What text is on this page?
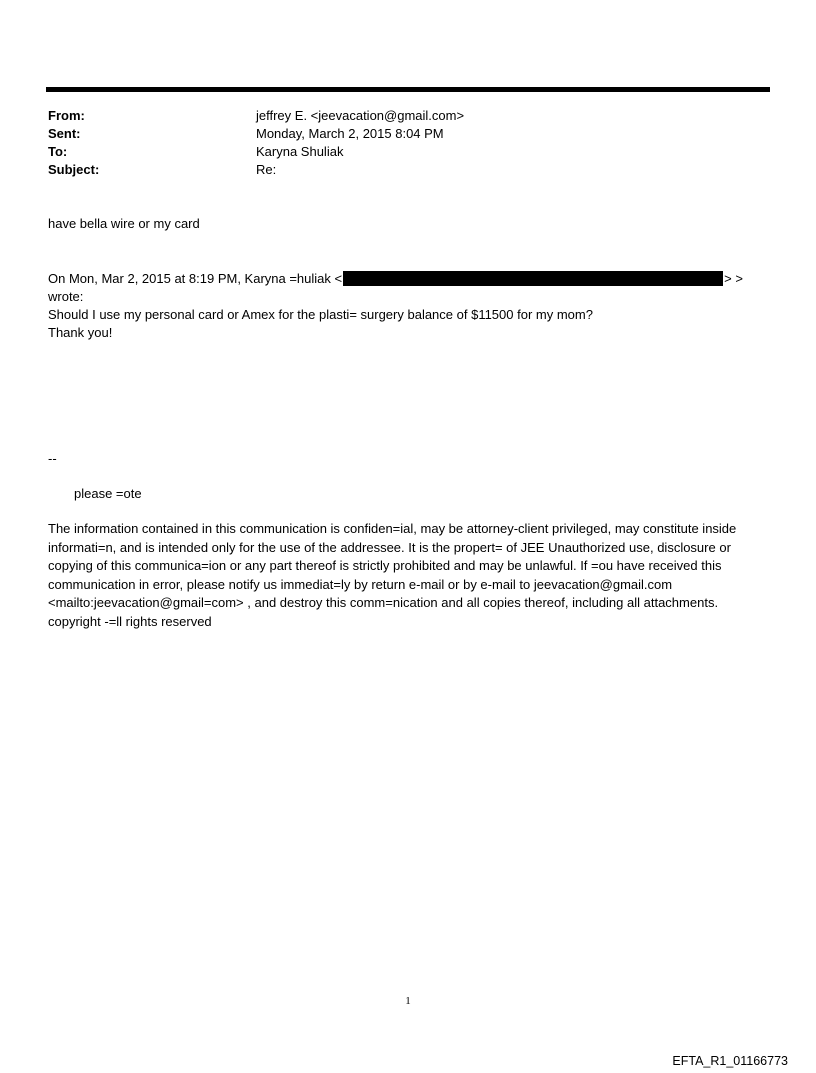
From:	jeffrey E. <jeevacation@gmail.com>
Sent:	Monday, March 2, 2015 8:04 PM
To:	Karyna Shuliak
Subject:	Re:
have bella wire or my card
On Mon, Mar 2, 2015 at 8:19 PM, Karyna =huliak <	> >
wrote:
Should I use my personal card or Amex for the plasti= surgery balance of $11500 for my mom?
Thank you!
--
please =ote
The information contained in this communication is confiden=ial, may be attorney-client privileged, may constitute inside informati=n, and is intended only for the use of the addressee. It is the propert= of JEE Unauthorized use, disclosure or copying of this communica=ion or any part thereof is strictly prohibited and may be unlawful. If =ou have received this communication in error, please notify us immediat=ly by return e-mail or by e-mail to jeevacation@gmail.com <mailto:jeevacation@gmail=com> , and destroy this comm=nication and all copies thereof, including all attachments. copyright -=ll rights reserved
1
EFTA_R1_01166773
